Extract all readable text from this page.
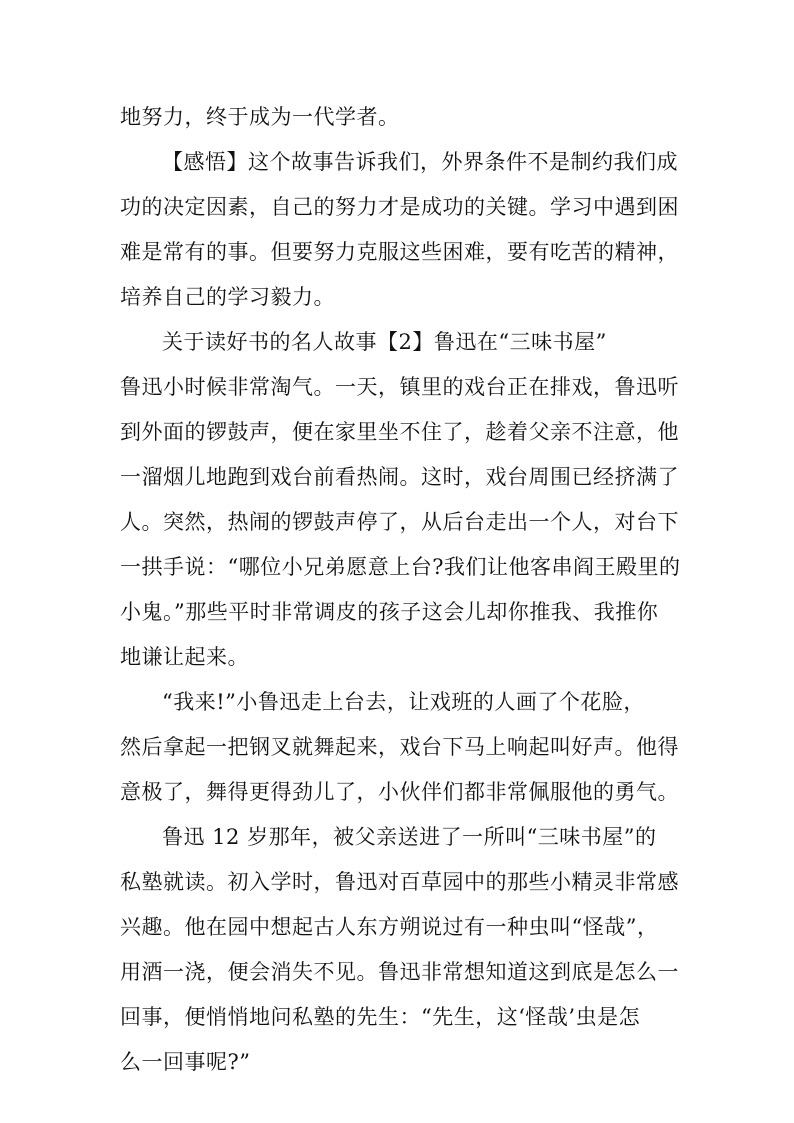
地努力，终于成为一代学者。
【感悟】这个故事告诉我们，外界条件不是制约我们成
功的决定因素，自己的努力才是成功的关键。学习中遇到困
难是常有的事。但要努力克服这些困难，要有吃苦的精神，
培养自己的学习毅力。
关于读好书的名人故事【2】鲁迅在“三味书屋”
鲁迅小时候非常淘气。一天，镇里的戏台正在排戏，鲁迅听
到外面的锣鼓声，便在家里坐不住了，趁着父亲不注意，他
一溜烟儿地跑到戏台前看热闹。这时，戏台周围已经挤满了
人。突然，热闹的锣鼓声停了，从后台走出一个人，对台下
一拱手说：“哪位小兄弟愿意上台?我们让他客串阎王殿里的
小鬼。”那些平时非常调皮的孩子这会儿却你推我、我推你
地谦让起来。
“我来!”小鲁迅走上台去，让戏班的人画了个花脸，
然后拿起一把钢叉就舞起来，戏台下马上响起叫好声。他得
意极了，舞得更得劲儿了，小伙伴们都非常佩服他的勇气。
鲁迅 12 岁那年，被父亲送进了一所叫“三味书屋”的
私塾就读。初入学时，鲁迅对百草园中的那些小精灵非常感
兴趣。他在园中想起古人东方朔说过有一种虫叫“怪哉”，
用酒一浇，便会消失不见。鲁迅非常想知道这到底是怎么一
回事，便悄悄地问私塾的先生：“先生，这‘怪哉’虫是怎
么一回事呢?”
